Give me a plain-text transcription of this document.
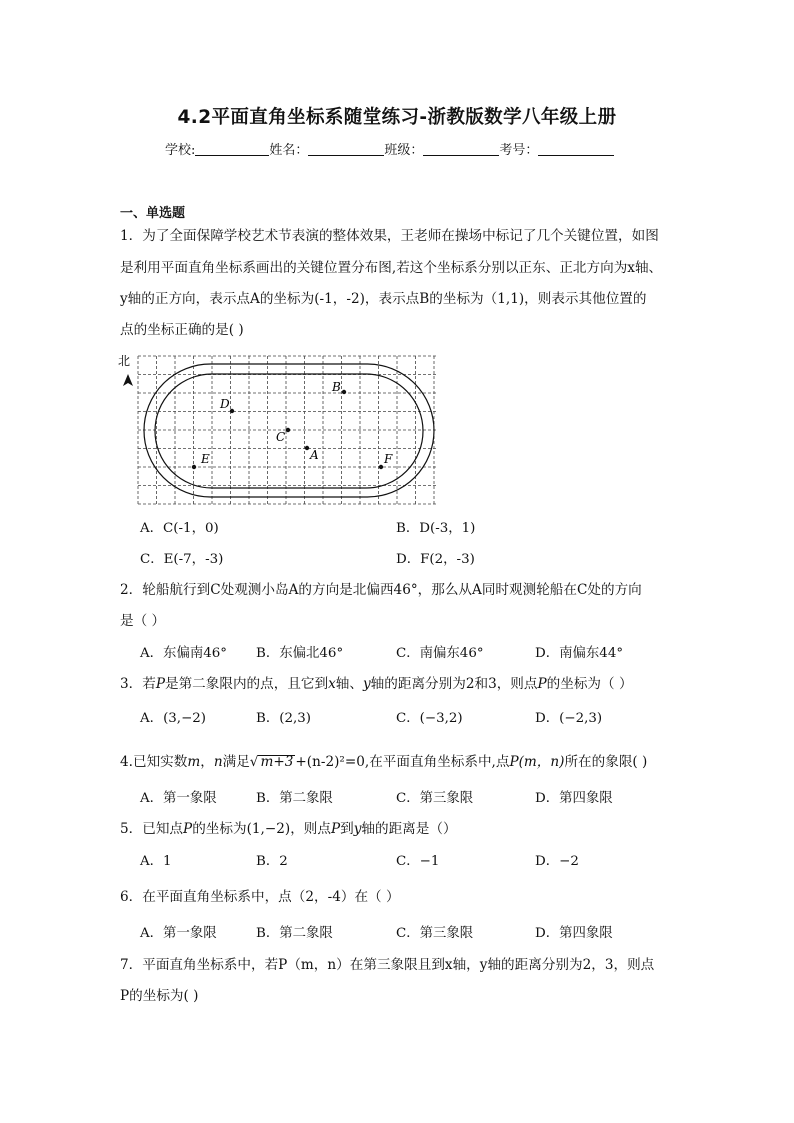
4.2平面直角坐标系随堂练习-浙教版数学八年级上册
学校:	姓名：	班级：	考号：
一、单选题
1．为了全面保障学校艺术节表演的整体效果，王老师在操场中标记了几个关键位置，如图
是利用平面直角坐标系画出的关键位置分布图,若这个坐标系分别以正东、正北方向为x轴、
y轴的正方向，表示点A的坐标为(-1，-2)，表示点B的坐标为（1,1)，则表示其他位置的
点的坐标正确的是( )
北
B
D
C
A
E	F
A．C(-1，0)	B．D(-3，1)
C．E(-7，-3)	D．F(2，-3)
2．轮船航行到C处观测小岛A的方向是北偏西46°，那么从A同时观测轮船在C处的方向
是（ ）
A．东偏南46° B．东偏北46°	C．南偏东46°	D．南偏东44°
3．若P是第二象限内的点，且它到x轴、y轴的距离分别为2和3，则点P的坐标为（ ）
A．(3,−2)	B．(2,3)	C．(−3,2)	D．(−2,3)
4.已知实数m，n满足√ m+3 +(n-2)²=0,在平面直角坐标系中,点P(m，n)所在的象限( )
A．第一象限	B．第二象限	C．第三象限	D．第四象限
5．已知点P的坐标为(1,−2)，则点P到y轴的距离是（）
A．1	B．2	C．−1	D．−2
6．在平面直角坐标系中，点（2，-4）在（ ）
A．第一象限	B．第二象限	C．第三象限	D．第四象限
7．平面直角坐标系中，若P（m，n）在第三象限且到x轴，y轴的距离分别为2，3，则点
P的坐标为( )
